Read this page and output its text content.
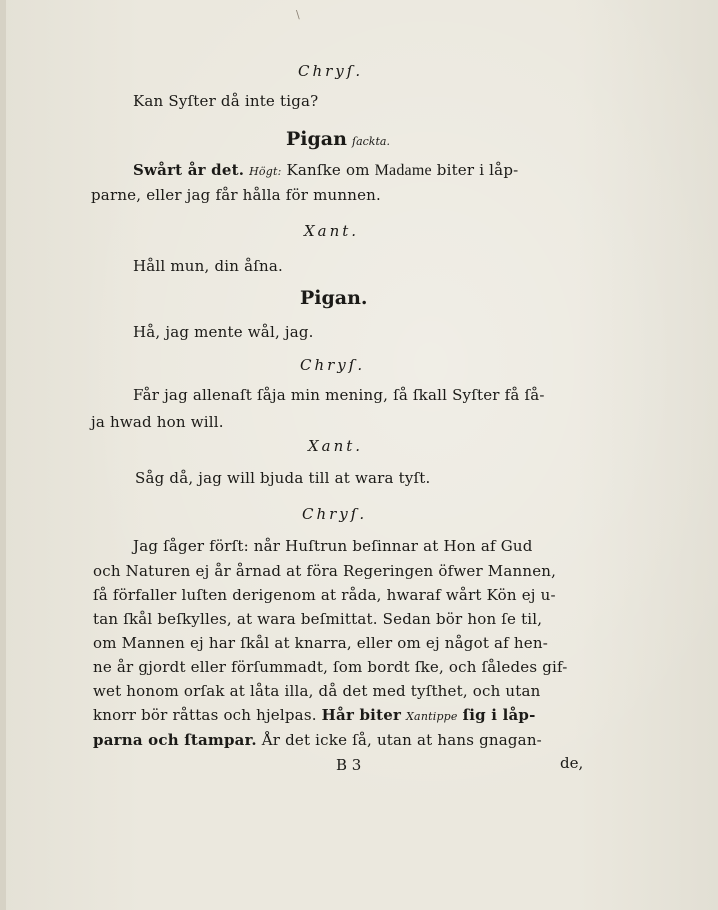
\
Chryſ.
Kan Syſter då inte tiga?
Pigan ſackta.
Swårt år det. Högt: Kanſke om Madame biter i låp-
parne, eller jag får hålla för munnen.
Xant.
Håll mun, din åſna.
Pigan.
Hå, jag mente wål, jag.
Chryſ.
Får jag allenaſt ſåja min mening, ſå ſkall Syſter få ſå-
ja hwad hon will.
Xant.
Såg då, jag will bjuda till at wara tyſt.
Chryſ.
Jag ſåger förſt: når Huſtrun beſinnar at Hon af Gud
och Naturen ej år årnad at föra Regeringen öfwer Mannen,
ſå förfaller luſten derigenom at råda, hwaraf wårt Kön ej u-
tan ſkål beſkylles, at wara beſmittat. Sedan bör hon ſe til,
om Mannen ej har ſkål at knarra, eller om ej något af hen-
ne år gjordt eller förſummadt, ſom bordt ſke, och ſåledes gif-
wet honom orſak at låta illa, då det med tyſthet, och utan
knorr bör råttas och hjelpas. Hår biter Xantippe ſig i låp-
parna och ſtampar. År det icke ſå, utan at hans gnagan-
B 3	de,
